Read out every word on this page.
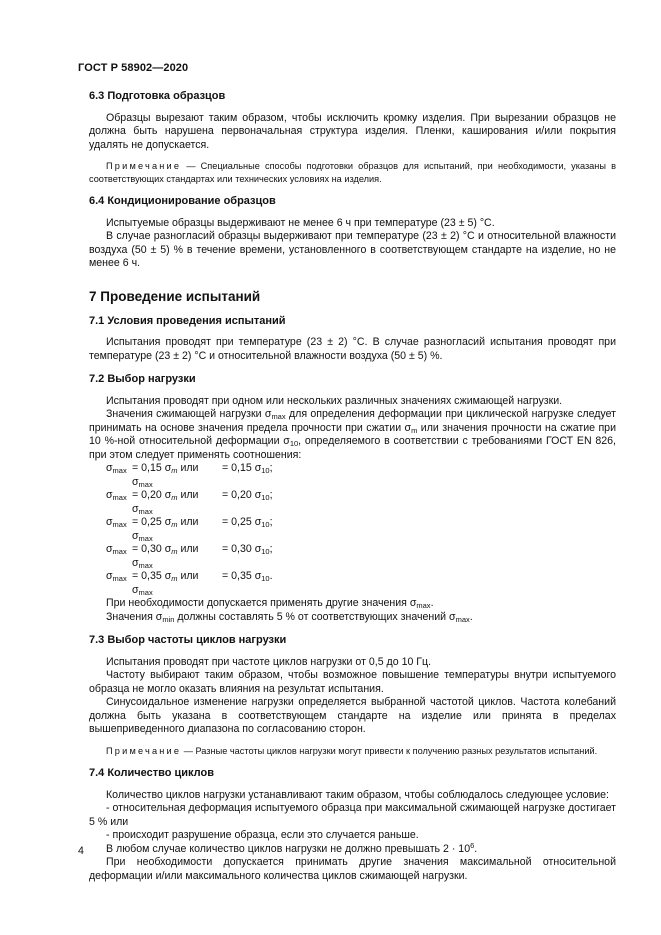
ГОСТ Р 58902—2020
6.3 Подготовка образцов

Образцы вырезают таким образом, чтобы исключить кромку изделия. При вырезании образцов не должна быть нарушена первоначальная структура изделия. Пленки, каширования и/или покрытия удалять не допускается.

Примечание — Специальные способы подготовки образцов для испытаний, при необходимости, указаны в соответствующих стандартах или технических условиях на изделия.

6.4 Кондиционирование образцов

Испытуемые образцы выдерживают не менее 6 ч при температуре (23 ± 5) °С.

В случае разногласий образцы выдерживают при температуре (23 ± 2) °С и относительной влажности воздуха (50 ± 5) % в течение времени, установленного в соответствующем стандарте на изделие, но не менее 6 ч.

7 Проведение испытаний
7.1 Условия проведения испытаний

Испытания проводят при температуре (23 ± 2) °С. В случае разногласий испытания проводят при температуре (23 ± 2) °С и относительной влажности воздуха (50 ± 5) %.

7.2 Выбор нагрузки

Испытания проводят при одном или нескольких различных значениях сжимающей нагрузки.

Значения сжимающей нагрузки $\sigma_{max}$ для определения деформации при циклической нагрузке следует принимать на основе значения предела прочности при сжатии $\sigma_m$ или значения прочности на сжатие при 10 %-ной относительной деформации $\sigma_{10}$, определяемого в соответствии с требованиями ГОСТ EN 826, при этом следует применять соотношения:

$\sigma_{max} = 0,15$ $\sigma_m$ или $\sigma_{max}$
= 0,15 $\sigma_{10}$;
$\sigma_{max} = 0,20$ $\sigma_m$ или $\sigma_{max}$
= 0,20 $\sigma_{10}$;
$\sigma_{max} = 0,25$ $\sigma_m$ или $\sigma_{max}$
= 0,25 $\sigma_{10}$;
$\sigma_{max} = 0,30$ $\sigma_m$ или $\sigma_{max}$
= 0,30 $\sigma_{10}$;
$\sigma_{max} = 0,35$ $\sigma_m$ или $\sigma_{max}$
= 0,35 $\sigma_{10}$.

При необходимости допускается применять другие значения $\sigma_{max}$.

Значения $\sigma_{min}$ должны составлять 5 % от соответствующих значений $\sigma_{max}$.

7.3 Выбор частоты циклов нагрузки

Испытания проводят при частоте циклов нагрузки от 0,5 до 10 Гц.

Частоту выбирают таким образом, чтобы возможное повышение температуры внутри испытуемого образца не могло оказать влияния на результат испытания.

Синусоидальное изменение нагрузки определяется выбранной частотой циклов. Частота колебаний должна быть указана в соответствующем стандарте на изделие или принята в пределах вышеприведенного диапазона по согласованию сторон.

Примечание — Разные частоты циклов нагрузки могут привести к получению разных результатов испытаний.

7.4 Количество циклов

Количество циклов нагрузки устанавливают таким образом, чтобы соблюдалось следующее условие:

- относительная деформация испытуемого образца при максимальной сжимающей нагрузке достигает 5 % или

- происходит разрушение образца, если это случается раньше.

В любом случае количество циклов нагрузки не должно превышать $2 \cdot 10^6$.

При необходимости допускается принимать другие значения максимальной относительной деформации и/или максимального количества циклов сжимающей нагрузки.

4
